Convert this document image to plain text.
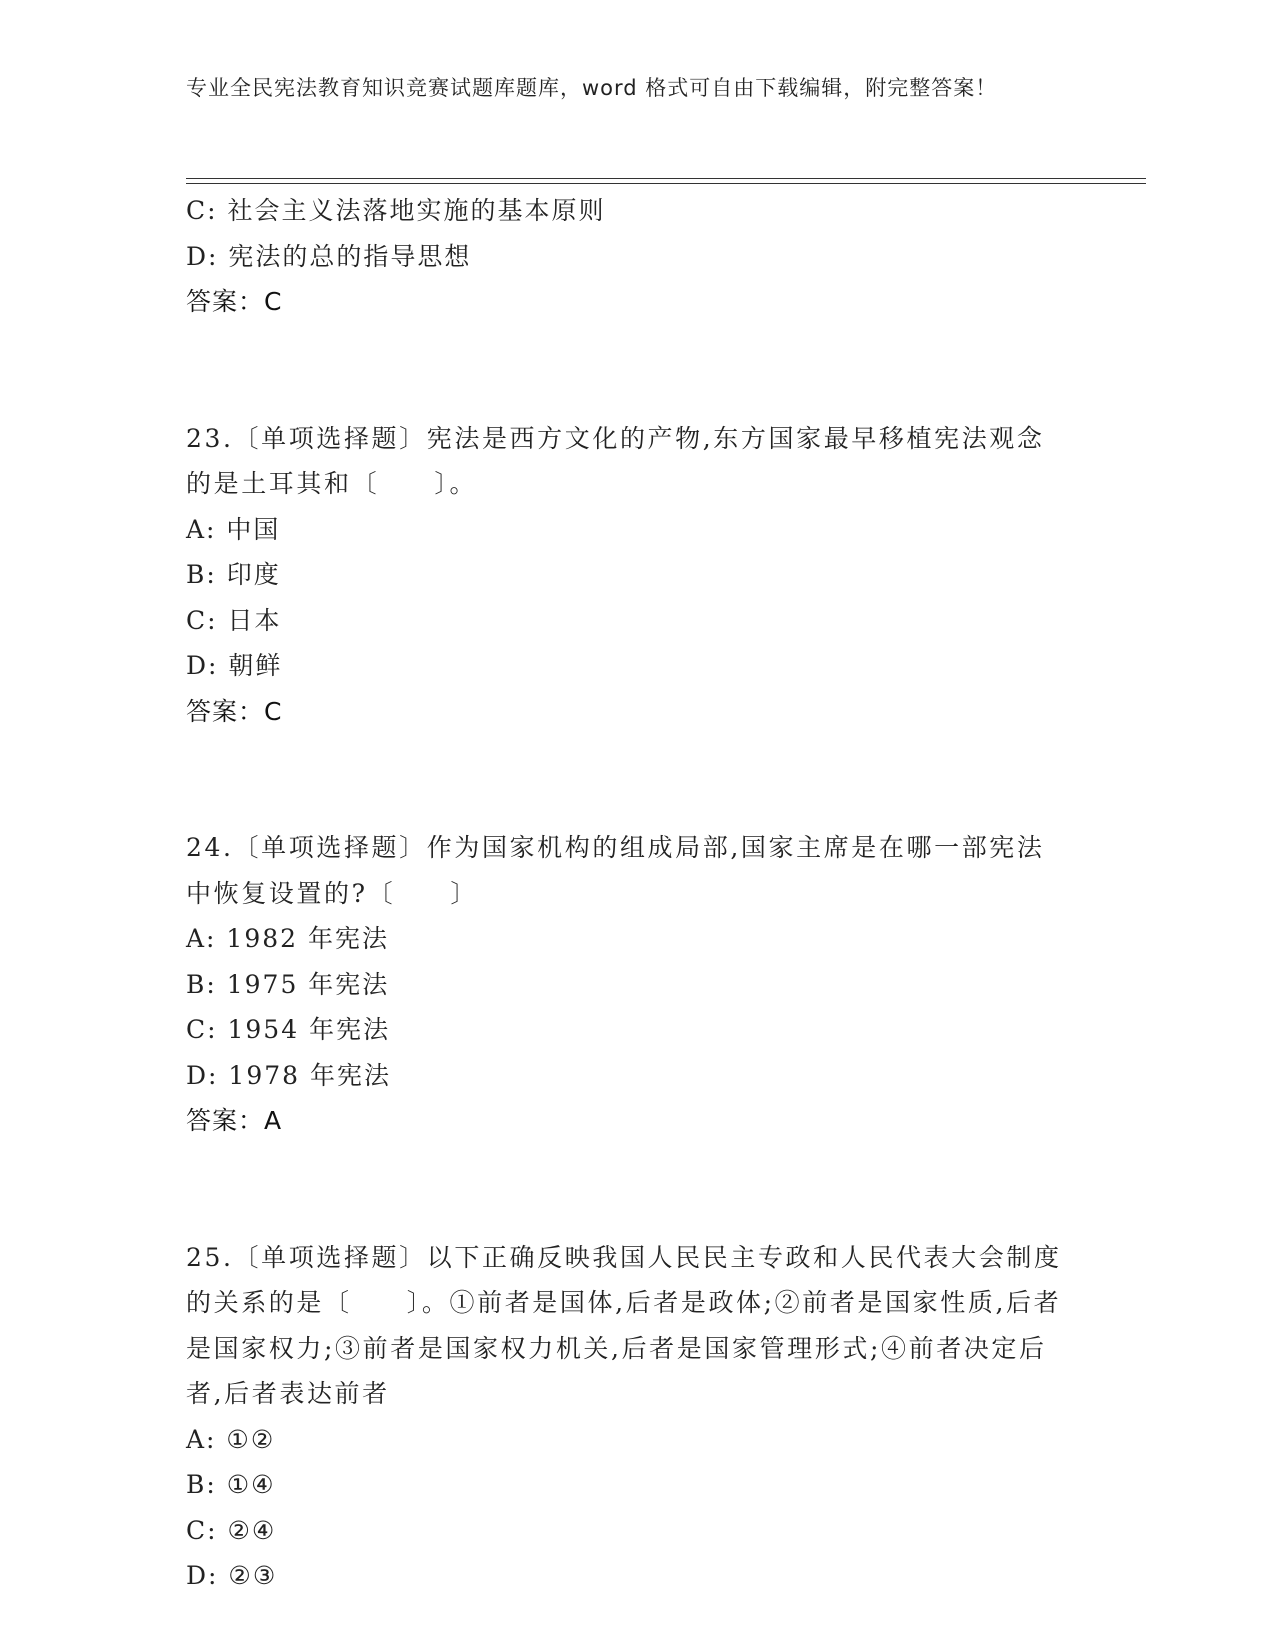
专业全民宪法教育知识竞赛试题库题库，word 格式可自由下载编辑，附完整答案！
C: 社会主义法落地实施的基本原则
D: 宪法的总的指导思想
答案：C
23.〔单项选择题〕宪法是西方文化的产物,东方国家最早移植宪法观念的是土耳其和〔　　〕。
A: 中国
B: 印度
C: 日本
D: 朝鲜
答案：C
24.〔单项选择题〕作为国家机构的组成局部,国家主席是在哪一部宪法中恢复设置的?〔　　〕
A: 1982 年宪法
B: 1975 年宪法
C: 1954 年宪法
D: 1978 年宪法
答案：A
25.〔单项选择题〕以下正确反映我国人民民主专政和人民代表大会制度的关系的是〔　　〕。①前者是国体,后者是政体;②前者是国家性质,后者是国家权力;③前者是国家权力机关,后者是国家管理形式;④前者决定后者,后者表达前者
A: ①②
B: ①④
C: ②④
D: ②③
